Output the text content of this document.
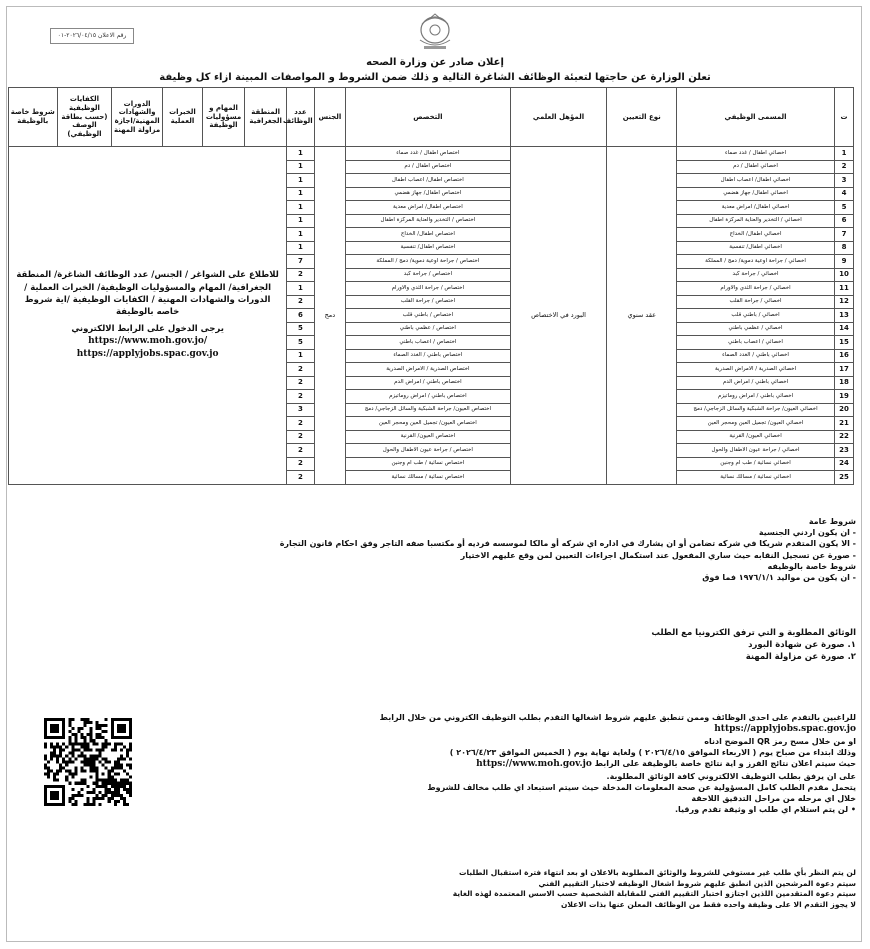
رقم الاعلان ٢٠٢٦/٠٤/١٥-٠١
إعلان صادر عن وزارة الصحه
تعلن الوزارة عن حاجتها لتعبئة الوظائف الشاغرة التالية و ذلك ضمن الشروط و المواصفات المبينة ازاء كل وظيفة
ت	المسمى الوظيفي	نوع التعيين	المؤهل العلمي	التخصص	الجنس	عدد الوظائف	المنطقة الجغرافية	المهام و مسؤوليات الوظيفة	الخبرات العملية	الدورات والشهادات المهنية/اجازة مزاولة المهنة	الكفايات الوظيفية (حسب بطاقة الوصف الوظيفي)	شروط خاصة بالوظيفة
1	اخصائي اطفال / غدد صماء	عقد سنوي	البورد في الاختصاص	اختصاص اطفال / غدد صماء	دمج	1	للاطلاع على الشواغر / الجنس/ عدد الوظائف الشاغرة/ المنطقة الجغرافية/ المهام والمسؤوليات الوظيفية/ الخبرات العملية / الدورات والشهادات المهنية / الكفايات الوظيفية /اية شروط خاصه بالوظيفة
يرجى الدخول على الرابط الالكتروني
https://www.moh.gov.jo/
https://applyjobs.spac.gov.jo					

2	اخصائي اطفال / دم			اختصاص اطفال / دم		1						
3	اخصائي اطفال/ اعصاب اطفال			اختصاص اطفال/ اعصاب اطفال		1						
4	اخصائي اطفال/ جهاز هضمي			اختصاص اطفال/ جهاز هضمي		1						
5	اخصائي اطفال/ امراض معدية			اختصاص اطفال/ امراض معدية		1						
6	اخصائي / التخدير والعناية المركزة اطفال			اختصاص / التخدير والعناية المركزة اطفال		1						
7	اخصائي اطفال/ الخداج			اختصاص اطفال/ الخداج		1						
8	اخصائي اطفال/ تنفسية			اختصاص اطفال/ تنفسية		1						
9	اخصائي / جراحة اوعية دموية/ دمج / المملكة			اختصاص / جراحة اوعية دموية/ دمج / المملكة		7						
10	اخصائي / جراحة كبد			اختصاص / جراحة كبد		2						
11	اخصائي / جراحة الثدي والاورام			اختصاص / جراحة الثدي والاورام		1						
12	اخصائي / جراحة القلب			اختصاص / جراحة القلب		2						
13	اخصائي / باطني قلب			اختصاص / باطني قلب		6						
14	اخصائي / عظمي باطني			اختصاص / عظمي باطني		5						
15	اخصائي / اعصاب باطني			اختصاص / اعصاب باطني		5						
16	اخصائي باطني / الغدد الصماء			اختصاص باطني / الغدد الصماء		1						
17	اخصائي الصدرية / الامراض الصدرية			اختصاص الصدرية / الامراض الصدرية		2						
18	اخصائي باطني / امراض الدم			اختصاص باطني / امراض الدم		2						
19	اخصائي باطني / امراض روماتيزم			اختصاص باطني / امراض روماتيزم		2						
20	اخصائي العيون/ جراحة الشبكية والسائل الزجاجي/ دمج			اختصاص العيون/ جراحة الشبكية والسائل الزجاجي/ دمج		3						
21	اخصائي العيون/ تجميل العين ومحجر العين			اختصاص العيون/ تجميل العين ومحجر العين		2						
22	اخصائي العيون/ القرنية			اختصاص العيون/ القرنية		2						
23	اخصائي / جراحة عيون الاطفال والحول			اختصاص / جراحة عيون الاطفال والحول		2						
24	اخصائي نسائية / طب ام وجنين			اختصاص نسائية / طب ام وجنين		2						
25	اخصائي نسائية / مسالك نسائية			اختصاص نسائية / مسالك نسائية		2						
شروط عامة
- ان يكون اردني الجنسية
- الا يكون المتقدم شريكا في شركه تضامن أو ان يشارك في اداره اي شركه أو مالكا لموسسه فرديه أو مكتسبا صفه التاجر وفق احكام قانون التجارة
- صورة عن تسجيل النقابه حيث ساري المفعول عند استكمال اجراءات التعيين لمن وقع عليهم الاختيار
شروط خاصة بالوظيفه
- ان يكون من مواليد ١٩٧٦/١/١ فما فوق
الوثائق المطلوبة و التي ترفق الكترونيا مع الطلب
١. صورة عن شهادة البورد
٢. صورة عن مزاولة المهنة
للراغبين بالتقدم على احدى الوظائف وممن تنطبق عليهم شروط اشغالها التقدم بطلب التوظيف الكتروني من خلال الرابط https://applyjobs.spac.gov.jo
او من خلال مسح رمز QR الموضح ادناه
وذلك ابتداء من صباح يوم ( الاربعاء الموافق ٢٠٢٦/٤/١٥ ) ولغاية نهاية يوم ( الخميس الموافق ٢٠٢٦/٤/٢٣ )
حيث سيتم اعلان نتائج الفرز و اية نتائج خاصة بالوظيفة على الرابط https://www.moh.gov.jo
على ان يرفق بطلب التوظيف الالكتروني كافة الوثائق المطلوبة.
يتحمل مقدم الطلب كامل المسؤولية عن صحة المعلومات المدخلة حيث سيتم استبعاد اي طلب مخالف للشروط
خلال اي مرحله من مراحل التدقيق اللاحقة
• لن يتم استلام اي طلب او وثيقة تقدم ورقيا.
لن يتم النظر بأي طلب غير مستوفي للشروط والوثائق المطلوبة بالاعلان او بعد انتهاء فترة استقبال الطلبات
سيتم دعوة المرشحين الذين انطبق عليهم شروط اشغال الوظيفه لاختبار التقييم الفني
سيتم دعوة المتقدمين اللذين اجتازو اختبار التقييم الفني للمقابلة الشخصية حسب الاسس المعتمدة لهذه الغاية
لا يجوز التقدم الا على وظيفة واحده فقط من الوظائف المعلن عنها بذات الاعلان
